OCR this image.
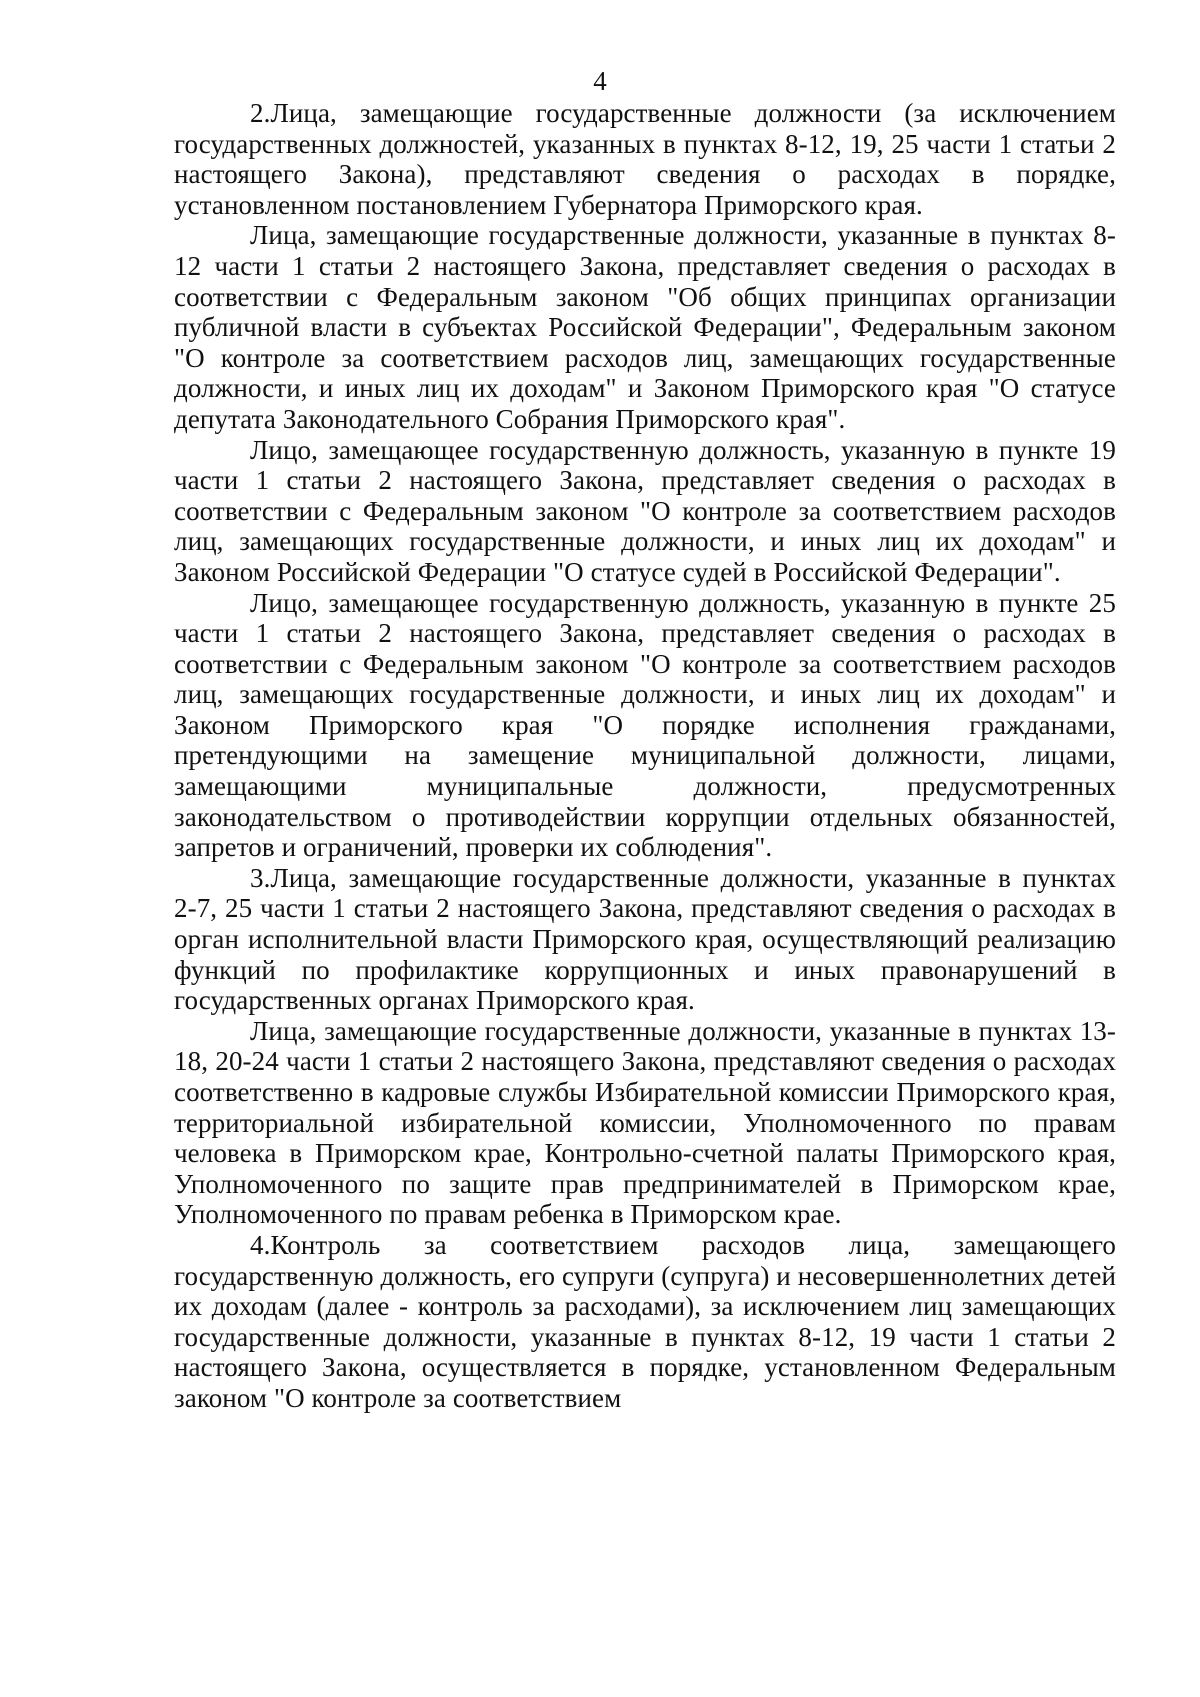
4

2.Лица, замещающие государственные должности (за исключением государственных должностей, указанных в пунктах 8-12, 19, 25 части 1 статьи 2 настоящего Закона), представляют сведения о расходах в порядке, установленном постановлением Губернатора Приморского края.

Лица, замещающие государственные должности, указанные в пунктах 8-12 части 1 статьи 2 настоящего Закона, представляет сведения о расходах в соответствии с Федеральным законом "Об общих принципах организации публичной власти в субъектах Российской Федерации", Федеральным законом "О контроле за соответствием расходов лиц, замещающих государственные должности, и иных лиц их доходам" и Законом Приморского края "О статусе депутата Законодательного Собрания Приморского края".

Лицо, замещающее государственную должность, указанную в пункте 19 части 1 статьи 2 настоящего Закона, представляет сведения о расходах в соответствии с Федеральным законом "О контроле за соответствием расходов лиц, замещающих государственные должности, и иных лиц их доходам" и Законом Российской Федерации "О статусе судей в Российской Федерации".

Лицо, замещающее государственную должность, указанную в пункте 25 части 1 статьи 2 настоящего Закона, представляет сведения о расходах в соответствии с Федеральным законом "О контроле за соответствием расходов лиц, замещающих государственные должности, и иных лиц их доходам" и Законом Приморского края "О порядке исполнения гражданами, претендующими на замещение муниципальной должности, лицами, замещающими муниципальные должности, предусмотренных законодательством о противодействии коррупции отдельных обязанностей, запретов и ограничений, проверки их соблюдения".

3.Лица, замещающие государственные должности, указанные в пунктах 2-7, 25 части 1 статьи 2 настоящего Закона, представляют сведения о расходах в орган исполнительной власти Приморского края, осуществляющий реализацию функций по профилактике коррупционных и иных правонарушений в государственных органах Приморского края.

Лица, замещающие государственные должности, указанные в пунктах 13-18, 20-24 части 1 статьи 2 настоящего Закона, представляют сведения о расходах соответственно в кадровые службы Избирательной комиссии Приморского края, территориальной избирательной комиссии, Уполномоченного по правам человека в Приморском крае, Контрольно-счетной палаты Приморского края, Уполномоченного по защите прав предпринимателей в Приморском крае, Уполномоченного по правам ребенка в Приморском крае.

4.Контроль за соответствием расходов лица, замещающего государственную должность, его супруги (супруга) и несовершеннолетних детей их доходам (далее - контроль за расходами), за исключением лиц замещающих государственные должности, указанные в пунктах 8-12, 19 части 1 статьи 2 настоящего Закона, осуществляется в порядке, установленном Федеральным законом "О контроле за соответствием
